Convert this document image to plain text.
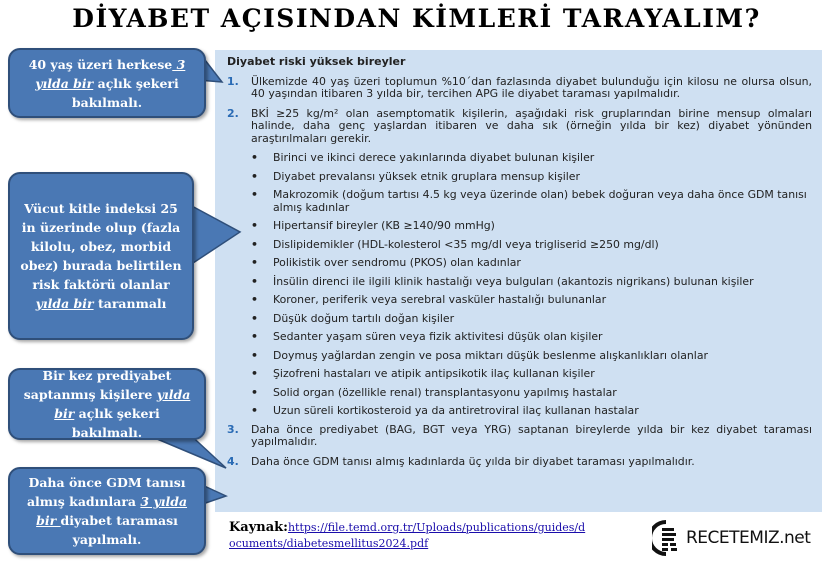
DİYABET AÇISINDAN KİMLERİ TARAYALIM?
Diyabet riski yüksek bireyler
1.	Ülkemizde 40 yaş üzeri toplumun %10´dan fazlasında diyabet bulunduğu için kilosu ne olursa olsun, 40 yaşından itibaren 3 yılda bir, tercihen APG ile diyabet taraması yapılmalıdır.
2.	BKİ ≥25 kg/m² olan asemptomatik kişilerin, aşağıdaki risk gruplarından birine mensup olmaları halinde, daha genç yaşlardan itibaren ve daha sık (örneğin yılda bir kez) diyabet yönünden araştırılmaları gerekir.
•	Birinci ve ikinci derece yakınlarında diyabet bulunan kişiler
•	Diyabet prevalansı yüksek etnik gruplara mensup kişiler
•	Makrozomik (doğum tartısı 4.5 kg veya üzerinde olan) bebek doğuran veya daha önce GDM tanısı almış kadınlar
•	Hipertansif bireyler (KB ≥140/90 mmHg)
•	Dislipidemikler (HDL-kolesterol <35 mg/dl veya trigliserid ≥250 mg/dl)
•	Polikistik over sendromu (PKOS) olan kadınlar
•	İnsülin direnci ile ilgili klinik hastalığı veya bulguları (akantozis nigrikans) bulunan kişiler
•	Koroner, periferik veya serebral vasküler hastalığı bulunanlar
•	Düşük doğum tartılı doğan kişiler
•	Sedanter yaşam süren veya fizik aktivitesi düşük olan kişiler
•	Doymuş yağlardan zengin ve posa miktarı düşük beslenme alışkanlıkları olanlar
•	Şizofreni hastaları ve atipik antipsikotik ilaç kullanan kişiler
•	Solid organ (özellikle renal) transplantasyonu yapılmış hastalar
•	Uzun süreli kortikosteroid ya da antiretroviral ilaç kullanan hastalar
3.	Daha önce prediyabet (BAG, BGT veya YRG) saptanan bireylerde yılda bir kez diyabet taraması yapılmalıdır.
4.	Daha önce GDM tanısı almış kadınlarda üç yılda bir diyabet taraması yapılmalıdır.
40 yaş üzeri herkese 3 yılda bir açlık şekeri bakılmalı.
Vücut kitle indeksi 25 in üzerinde olup (fazla kilolu, obez, morbid obez) burada belirtilen risk faktörü olanlar yılda bir taranmalı
Bir kez prediyabet saptanmış kişilere yılda bir açlık şekeri bakılmalı.
Daha önce GDM tanısı almış kadınlara 3 yılda bir diyabet taraması yapılmalı.
Kaynak:https://file.temd.org.tr/Uploads/publications/guides/documents/diabetesmellitus2024.pdf	RECETEMIZ.net
